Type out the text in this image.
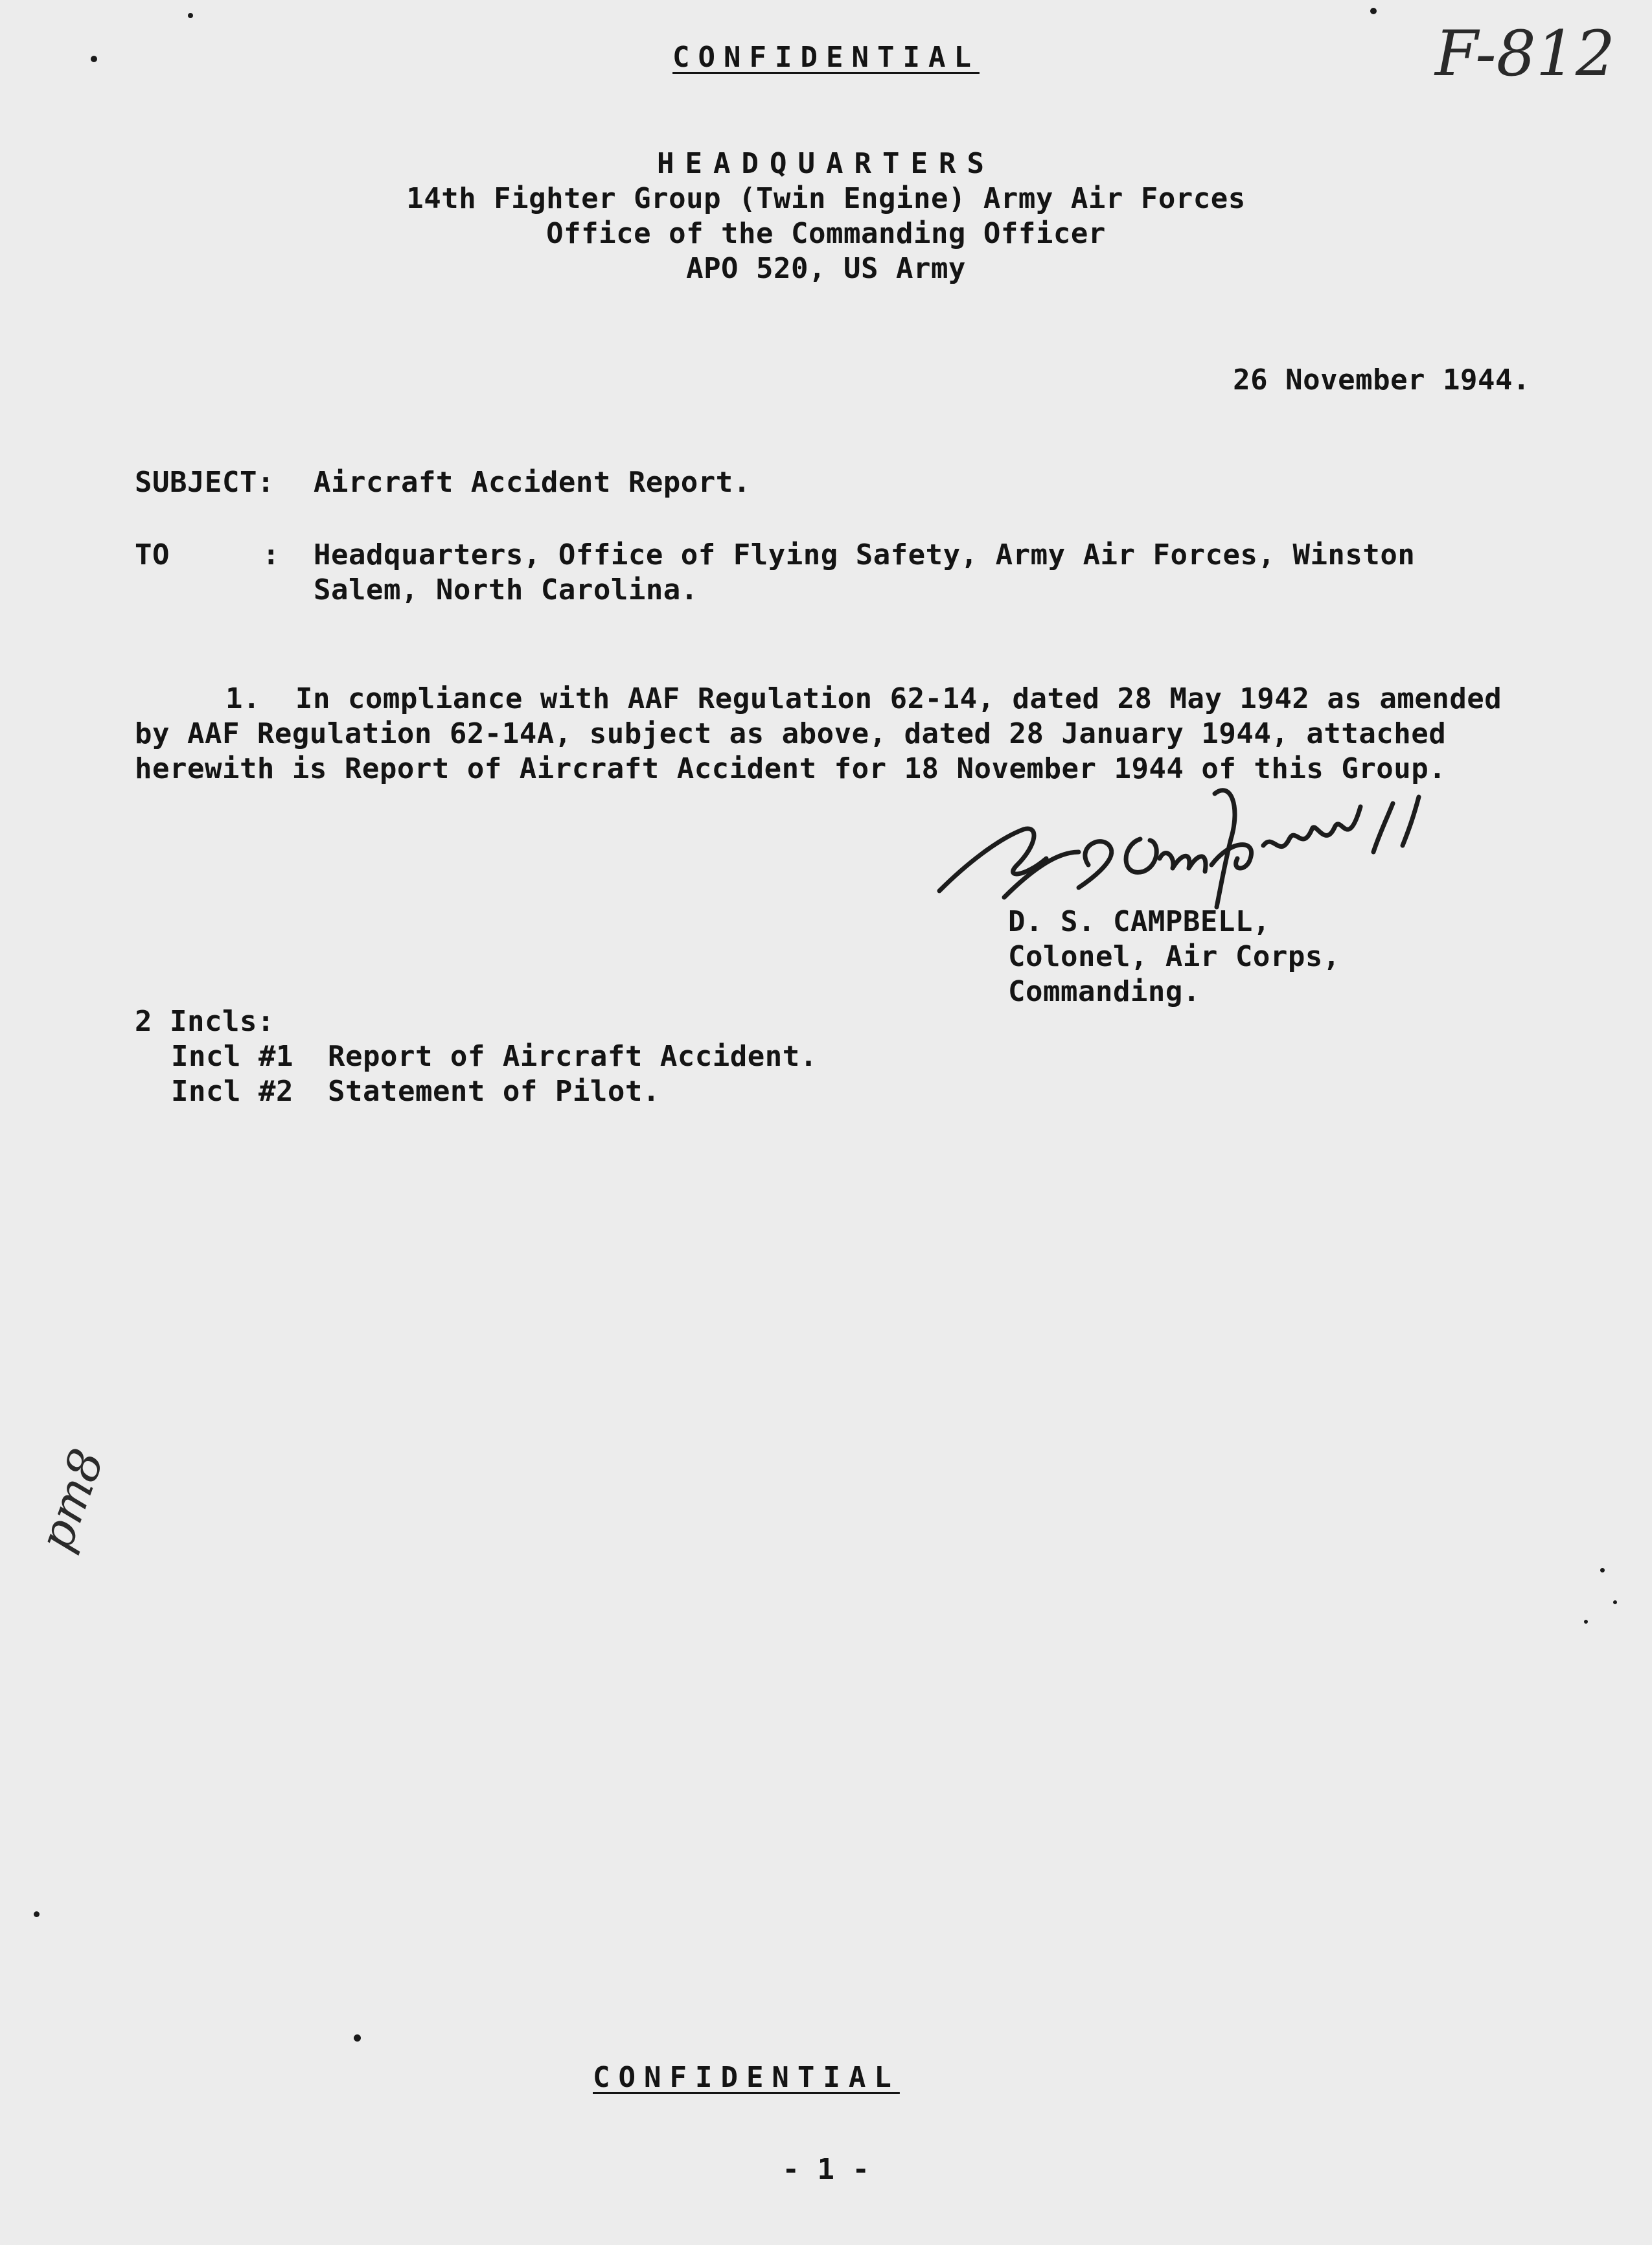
CONFIDENTIAL	F-812
HEADQUARTERS
14th Fighter Group (Twin Engine) Army Air Forces
Office of the Commanding Officer
APO 520, US Army
26 November 1944.
SUBJECT: Aircraft Accident Report.
TO	: Headquarters, Office of Flying Safety, Army Air Forces, Winston
Salem, North Carolina.
1.  In compliance with AAF Regulation 62-14, dated 28 May 1942 as amended
by AAF Regulation 62-14A, subject as above, dated 28 January 1944, attached
herewith is Report of Aircraft Accident for 18 November 1944 of this Group.
D. S. CAMPBELL,
Colonel, Air Corps,
Commanding.
2 Incls:
Incl #1 Report of Aircraft Accident.
Incl #2 Statement of Pilot.
pm8
CONFIDENTIAL
- 1 -
